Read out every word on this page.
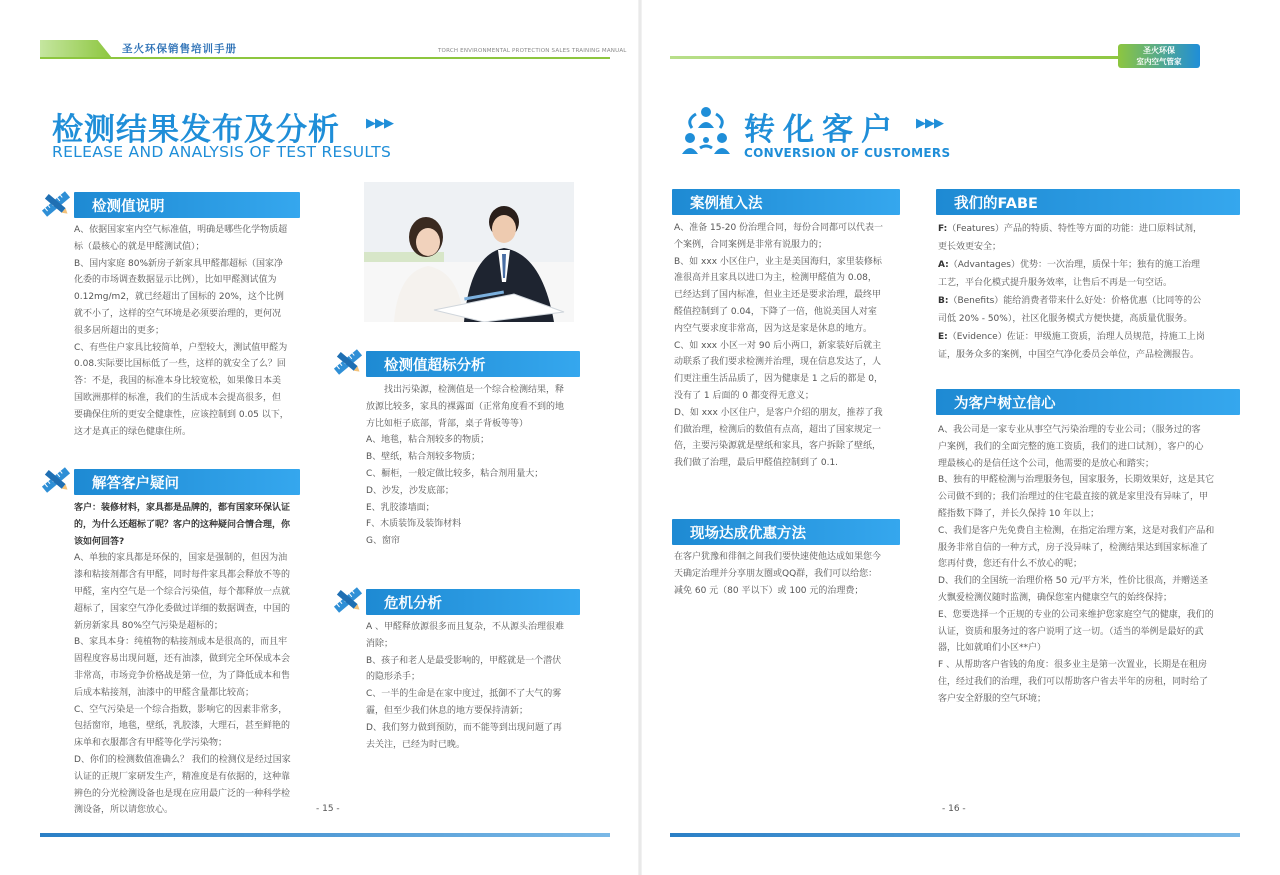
圣火环保销售培训手册	TORCH ENVIRONMENTAL PROTECTION SALES TRAINING MANUAL
检测结果发布及分析 ▶▶▶
RELEASE AND ANALYSIS OF TEST RESULTS
检测值说明

A、依据国家室内空气标准值，明确是哪些化学物质超

标（最核心的就是甲醛测试值）；

B、国内家庭 80%新房子新家具甲醛都超标（国家净

化委的市场调查数据显示比例），比如甲醛测试值为

0.12mg/m2，就已经超出了国标的 20%，这个比例

就不小了，这样的空气环境是必须要治理的，更何况

很多居所超出的更多；

C、有些住户家具比较简单，户型较大，测试值甲醛为

0.08.实际要比国标低了一些，这样的就安全了么？回

答：不是，我国的标准本身比较宽松，如果像日本美

国欧洲那样的标准，我们的生活成本会提高很多，但

要确保住所的更安全健康性，应该控制到 0.05 以下，

这才是真正的绿色健康住所。

解答客户疑问

客户：装修材料，家具都是品牌的，都有国家环保认证

的，为什么还超标了呢？客户的这种疑问合情合理，你

该如何回答?

A、单独的家具都是环保的，国家是强制的，但因为油

漆和粘接剂都含有甲醛，同时每件家具都会释放不等的

甲醛，室内空气是一个综合污染值，每个都释放一点就

超标了，国家空气净化委做过详细的数据调查，中国的

新房新家具 80%空气污染是超标的；

B、家具本身：纯植物的粘接剂成本是很高的，而且牢

固程度容易出现问题，还有油漆，做到完全环保成本会

非常高，市场竞争价格战是第一位，为了降低成本和售

后成本粘接剂，油漆中的甲醛含量都比较高；

C、空气污染是一个综合指数，影响它的因素非常多，

包括窗帘，地毯，壁纸，乳胶漆，大理石，甚至鲜艳的

床单和衣服都含有甲醛等化学污染物；

D、你们的检测数值准确么？ 我们的检测仪是经过国家

认证的正规厂家研发生产，精准度是有依据的，这种靠

辨色的分光检测设备也是现在应用最广泛的一种科学检

测设备，所以请您放心。

检测值超标分析

　　找出污染源，检测值是一个综合检测结果，释

放源比较多，家具的裸露面（正常角度看不到的地

方比如柜子底部，背部，桌子背板等等）

A、地毯，粘合剂较多的物质；

B、壁纸，粘合剂较多物质；

C、橱柜，一般定做比较多，粘合剂用量大；

D、沙发，沙发底部；

E、乳胶漆墙面；

F、木质装饰及装饰材料

G、窗帘

危机分析

A 、甲醛释放源很多而且复杂，不从源头治理很难

消除；

B、孩子和老人是最受影响的，甲醛就是一个潜伏

的隐形杀手；

C、一半的生命是在家中度过，抵御不了大气的雾

霾，但至少我们休息的地方要保持清新；

D、我们努力做到预防，而不能等到出现问题了再

去关注，已经为时已晚。

- 15 -
圣火环保
室内空气管家
转化客户 ▶▶▶
CONVERSION OF CUSTOMERS
案例植入法

A、准备 15-20 份治理合同，每份合同都可以代表一

个案例，合同案例是非常有说服力的；

B、如 xxx 小区住户，业主是美国海归，家里装修标

准很高并且家具以进口为主，检测甲醛值为 0.08，

已经达到了国内标准，但业主还是要求治理，最终甲

醛值控制到了 0.04，下降了一倍，他说美国人对室

内空气要求度非常高，因为这是家是休息的地方。

C、如 xxx 小区一对 90 后小两口，新家装好后就主

动联系了我们要求检测并治理，现在信息发达了，人

们更注重生活品质了，因为健康是 1 之后的都是 0，

没有了 1 后面的 0 都变得无意义；

D、如 xxx 小区住户，是客户介绍的朋友，推荐了我

们做治理，检测后的数值有点高，超出了国家规定一

倍，主要污染源就是壁纸和家具，客户拆除了壁纸，

我们做了治理，最后甲醛值控制到了 0.1.

现场达成优惠方法

在客户犹豫和徘徊之间我们要快速使他达成如果您今

天确定治理并分享朋友圈或QQ群，我们可以给您：

减免 60 元（80 平以下）或 100 元的治理费；

我们的FABE

F:（Features）产品的特质、特性等方面的功能：进口原料试剂，

更长效更安全；

A:（Advantages）优势：一次治理，质保十年；独有的施工治理

工艺，平台化模式提升服务效率，让售后不再是一句空话。

B:（Benefits）能给消费者带来什么好处：价格优惠（比同等的公

司低 20% - 50%），社区化服务模式方便快捷，高质量优服务。

E:（Evidence）佐证：甲级施工资质，治理人员规范，持施工上岗

证，服务众多的案例，中国空气净化委员会单位，产品检测报告。

为客户树立信心

A、我公司是一家专业从事空气污染治理的专业公司；（服务过的客

户案例，我们的全面完整的施工资质，我们的进口试剂），客户的心

理最核心的是信任这个公司，他需要的是放心和踏实；

B、独有的甲醛检测与治理服务包，国家服务，长期效果好，这是其它

公司做不到的；我们治理过的住宅最直接的就是家里没有异味了，甲

醛指数下降了，并长久保持 10 年以上；

C、我们是客户先免费自主检测，在指定治理方案，这是对我们产品和

服务非常自信的一种方式，房子没异味了，检测结果达到国家标准了

您再付费，您还有什么不放心的呢；

D、我们的全国统一治理价格 50 元/平方米，性价比很高，并赠送圣

火飘爱检测仪随时监测，确保您室内健康空气的始终保持；

E、您要选择一个正规的专业的公司来维护您家庭空气的健康，我们的

认证，资质和服务过的客户说明了这一切。（适当的举例是最好的武

器，比如就咱们小区**户）

F 、从帮助客户省钱的角度：很多业主是第一次置业，长期是在租房

住，经过我们的治理，我们可以帮助客户省去半年的房租，同时给了

客户安全舒服的空气环境；

- 16 -
